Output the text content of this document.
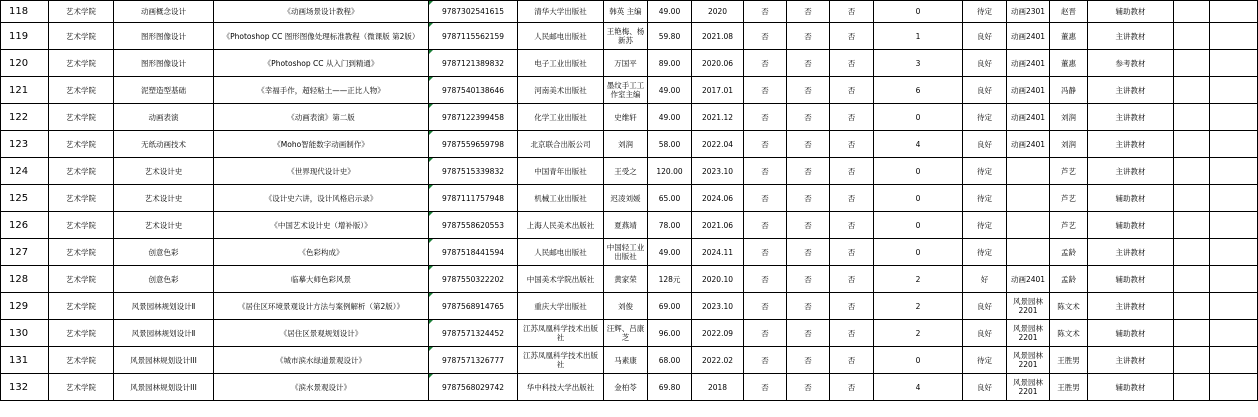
118	艺术学院	动画概念设计	《动画场景设计教程》	9787302541615	清华大学出版社	韩英 主编	49.00	2020	否	否	否	0	待定	动画2301	赵晋	辅助教材		
119	艺术学院	图形图像设计	《Photoshop CC 图形图像处理标准教程（微课版 第2版）	9787115562159	人民邮电出版社	王艳梅、杨新苏	59.80	2021.08	否	否	否	1	良好	动画2401	董惠	主讲教材		
120	艺术学院	图形图像设计	《Photoshop CC 从入门到精通》	9787121389832	电子工业出版社	万国平	89.00	2020.06	否	否	否	3	良好	动画2401	董惠	参考教材		
121	艺术学院	泥塑造型基础	《幸福手作，超轻粘土——正比人物》	9787540138646	河南美术出版社	墨纹手工工作室主编	49.00	2017.01	否	否	否	6	良好	动画2401	冯静	主讲教材		
122	艺术学院	动画表演	《动画表演》第二版	9787122399458	化学工业出版社	史维轩	49.00	2021.12	否	否	否	0	待定	动画2401	刘润	主讲教材		
123	艺术学院	无纸动画技术	《Moho智能数字动画制作》	9787559659798	北京联合出版公司	刘润	58.00	2022.04	否	否	否	4	良好	动画2401	刘润	主讲教材		
124	艺术学院	艺术设计史	《世界现代设计史》	9787515339832	中国青年出版社	王受之	120.00	2023.10	否	否	否	0	待定		芦艺	主讲教材		
125	艺术学院	艺术设计史	《设计史六讲，设计风格启示录》	9787111757948	机械工业出版社	迟凌刘媛	65.00	2024.06	否	否	否	0	待定		芦艺	辅助教材		
126	艺术学院	艺术设计史	《中国艺术设计史（增补版）》	9787558620553	上海人民美术出版社	夏燕靖	78.00	2021.06	否	否	否	0	待定		芦艺	辅助教材		
127	艺术学院	创意色彩	《色彩构成》	9787518441594	人民邮电出版社	中国轻工业出版社	49.00	2024.11	否	否	否	0	待定		孟龄	主讲教材		
128	艺术学院	创意色彩	临摹大师色彩风景	9787550322202	中国美术学院出版社	黄家荣	128元	2020.10	否	否	否	2	好	动画2401	孟龄	辅助教材		
129	艺术学院	风景园林规划设计Ⅱ	《居住区环境景观设计方法与案例解析（第2版）》	9787568914765	重庆大学出版社	刘俊	69.00	2023.10	否	否	否	2	良好	风景园林2201	陈文术	主讲教材		
130	艺术学院	风景园林规划设计Ⅱ	《居住区景观规划设计》	9787571324452	江苏凤凰科学技术出版社	汪辉、吕康芝	96.00	2022.09	否	否	否	2	良好	风景园林2201	陈文术	辅助教材		
131	艺术学院	风景园林规划设计III	《城市滨水绿道景观设计》	9787571326777	江苏凤凰科学技术出版社	马素康	68.00	2022.02	否	否	否	0	待定	风景园林2201	王胜男	主讲教材		
132	艺术学院	风景园林规划设计III	《滨水景观设计》	9787568029742	华中科技大学出版社	金柏苓	69.80	2018	否	否	否	4	良好	风景园林2201	王胜男	辅助教材		
